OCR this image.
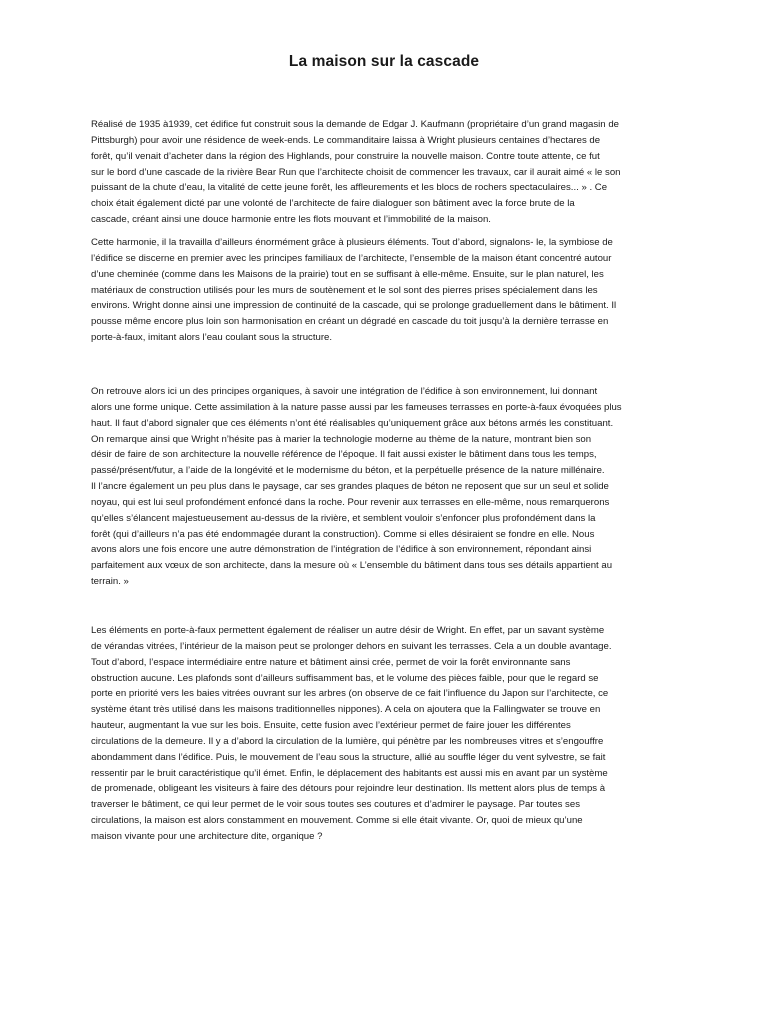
La maison sur la cascade
Réalisé de 1935 à1939, cet édifice fut construit sous la demande de Edgar J. Kaufmann (propriétaire d’un grand magasin de
Pittsburgh) pour avoir une résidence de week-ends. Le commanditaire laissa à Wright plusieurs centaines d’hectares de
forêt, qu’il venait d’acheter dans la région des Highlands, pour construire la nouvelle maison. Contre toute attente, ce fut
sur le bord d’une cascade de la rivière Bear Run que l’architecte choisit de commencer les travaux, car il aurait aimé « le son
puissant de la chute d’eau, la vitalité de cette jeune forêt, les affleurements et les blocs de rochers spectaculaires... » . Ce
choix était également dicté par une volonté de l’architecte de faire dialoguer son bâtiment avec la force brute de la
cascade, créant ainsi une douce harmonie entre les flots mouvant et l’immobilité de la maison.
Cette harmonie, il la travailla d’ailleurs énormément grâce à plusieurs éléments. Tout d’abord, signalons- le, la symbiose de
l’édifice se discerne en premier avec les principes familiaux de l’architecte, l’ensemble de la maison étant concentré autour
d’une cheminée (comme dans les Maisons de la prairie) tout en se suffisant à elle-même. Ensuite, sur le plan naturel, les
matériaux de construction utilisés pour les murs de soutènement et le sol sont des pierres prises spécialement dans les
environs. Wright donne ainsi une impression de continuité de la cascade, qui se prolonge graduellement dans le bâtiment. Il
pousse même encore plus loin son harmonisation en créant un dégradé en cascade du toit jusqu’à la dernière terrasse en
porte-à-faux, imitant alors l’eau coulant sous la structure.
On retrouve alors ici un des principes organiques, à savoir une intégration de l’édifice à son environnement, lui donnant
alors une forme unique. Cette assimilation à la nature passe aussi par les fameuses terrasses en porte-à-faux évoquées plus
haut. Il faut d’abord signaler que ces éléments n’ont été réalisables qu’uniquement grâce aux bétons armés les constituant.
On remarque ainsi que Wright n’hésite pas à marier la technologie moderne au thème de la nature, montrant bien son
désir de faire de son architecture la nouvelle référence de l’époque. Il fait aussi exister le bâtiment dans tous les temps,
passé/présent/futur, a l’aide de la longévité et le modernisme du béton, et la perpétuelle présence de la nature millénaire.
Il l’ancre également un peu plus dans le paysage, car ses grandes plaques de béton ne reposent que sur un seul et solide
noyau, qui est lui seul profondément enfoncé dans la roche. Pour revenir aux terrasses en elle-même, nous remarquerons
qu’elles s’élancent majestueusement au-dessus de la rivière, et semblent vouloir s’enfoncer plus profondément dans la
forêt (qui d’ailleurs n’a pas été endommagée durant la construction). Comme si elles désiraient se fondre en elle. Nous
avons alors une fois encore une autre démonstration de l’intégration de l’édifice à son environnement, répondant ainsi
parfaitement aux vœux de son architecte, dans la mesure où « L’ensemble du bâtiment dans tous ses détails appartient au
terrain. »
Les éléments en porte-à-faux permettent également de réaliser un autre désir de Wright. En effet, par un savant système
de vérandas vitrées, l’intérieur de la maison peut se prolonger dehors en suivant les terrasses. Cela a un double avantage.
Tout d’abord, l’espace intermédiaire entre nature et bâtiment ainsi crée, permet de voir la forêt environnante sans
obstruction aucune. Les plafonds sont d’ailleurs suffisamment bas, et le volume des pièces faible, pour que le regard se
porte en priorité vers les baies vitrées ouvrant sur les arbres (on observe de ce fait l’influence du Japon sur l’architecte, ce
système étant très utilisé dans les maisons traditionnelles nippones). A cela on ajoutera que la Fallingwater se trouve en
hauteur, augmentant la vue sur les bois. Ensuite, cette fusion avec l’extérieur permet de faire jouer les différentes
circulations de la demeure. Il y a d’abord la circulation de la lumière, qui pénètre par les nombreuses vitres et s’engouffre
abondamment dans l’édifice. Puis, le mouvement de l’eau sous la structure, allié au souffle léger du vent sylvestre, se fait
ressentir par le bruit caractéristique qu’il émet. Enfin, le déplacement des habitants est aussi mis en avant par un système
de promenade, obligeant les visiteurs à faire des détours pour rejoindre leur destination. Ils mettent alors plus de temps à
traverser le bâtiment, ce qui leur permet de le voir sous toutes ses coutures et d’admirer le paysage. Par toutes ses
circulations, la maison est alors constamment en mouvement. Comme si elle était vivante. Or, quoi de mieux qu’une
maison vivante pour une architecture dite, organique ?
